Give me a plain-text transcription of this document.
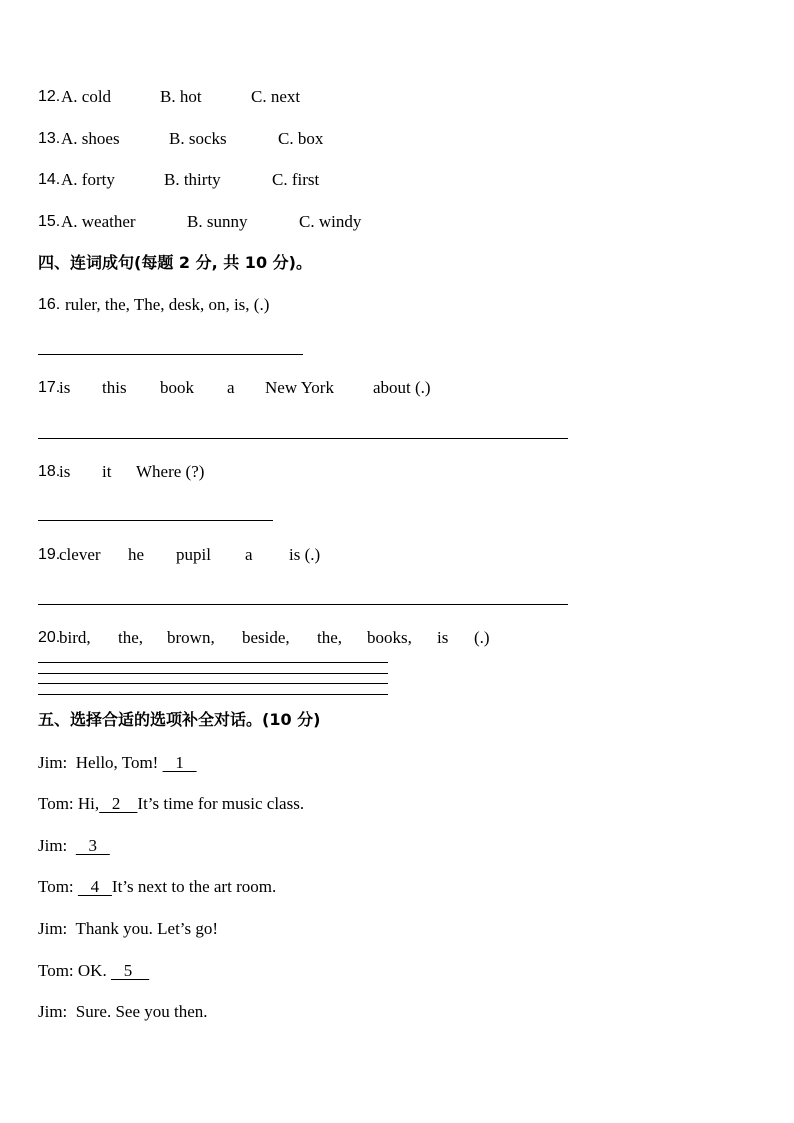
12. A. cold	B. hot	C. next
13. A. shoes	B. socks	C. box
14. A. forty	B. thirty	C. first
15. A. weather	B. sunny	C. windy
四、连词成句(每题 2 分, 共 10 分)。
16. ruler, the, The, desk, on, is, (.)
17.
is this book a New York about (.)
18.
is it Where (?)
19.
clever he pupil a is (.)
20.
bird, the, brown, beside, the, books, is (.)
五、选择合适的选项补全对话。(10 分)
Jim:  Hello, Tom!    1
Tom: Hi,   2    It’s time for music class.
Jim:     3
Tom:    4   It’s next to the art room.
Jim:  Thank you. Let’s go!
Tom: OK.    5
Jim:  Sure. See you then.
